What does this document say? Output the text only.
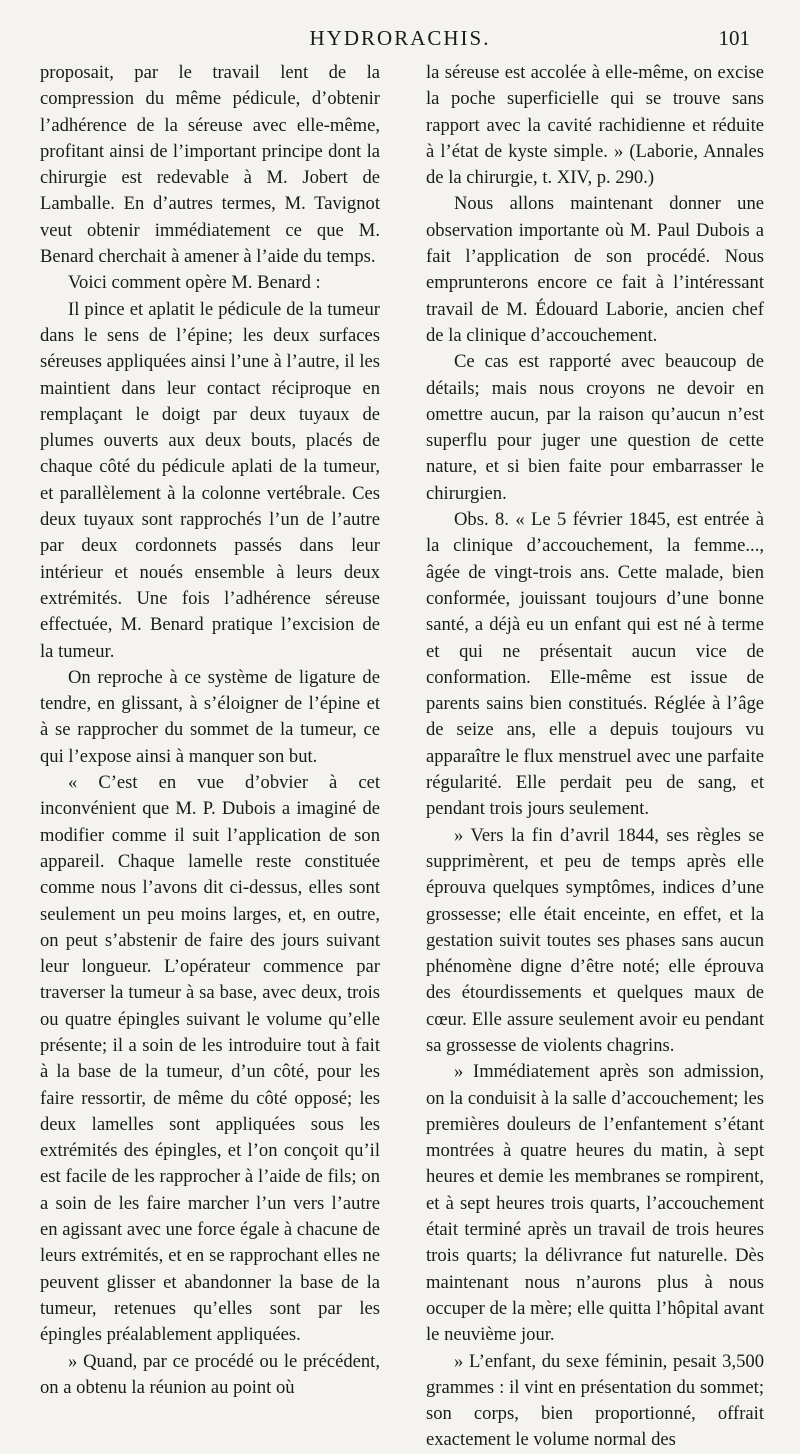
HYDRORACHIS.	101

proposait, par le travail lent de la compression du même pédicule, d’obtenir l’adhérence de la séreuse avec elle-même, profitant ainsi de l’important principe dont la chirurgie est redevable à M. Jobert de Lamballe. En d’autres termes, M. Tavignot veut obtenir immédiatement ce que M. Benard cherchait à amener à l’aide du temps.

Voici comment opère M. Benard :

Il pince et aplatit le pédicule de la tumeur dans le sens de l’épine; les deux surfaces séreuses appliquées ainsi l’une à l’autre, il les maintient dans leur contact réciproque en remplaçant le doigt par deux tuyaux de plumes ouverts aux deux bouts, placés de chaque côté du pédicule aplati de la tumeur, et parallèlement à la colonne vertébrale. Ces deux tuyaux sont rapprochés l’un de l’autre par deux cordonnets passés dans leur intérieur et noués ensemble à leurs deux extrémités. Une fois l’adhérence séreuse effectuée, M. Benard pratique l’excision de la tumeur.

On reproche à ce système de ligature de tendre, en glissant, à s’éloigner de l’épine et à se rapprocher du sommet de la tumeur, ce qui l’expose ainsi à manquer son but.

« C’est en vue d’obvier à cet inconvénient que M. P. Dubois a imaginé de modifier comme il suit l’application de son appareil. Chaque lamelle reste constituée comme nous l’avons dit ci-dessus, elles sont seulement un peu moins larges, et, en outre, on peut s’abstenir de faire des jours suivant leur longueur. L’opérateur commence par traverser la tumeur à sa base, avec deux, trois ou quatre épingles suivant le volume qu’elle présente; il a soin de les introduire tout à fait à la base de la tumeur, d’un côté, pour les faire ressortir, de même du côté opposé; les deux lamelles sont appliquées sous les extrémités des épingles, et l’on conçoit qu’il est facile de les rapprocher à l’aide de fils; on a soin de les faire marcher l’un vers l’autre en agissant avec une force égale à chacune de leurs extrémités, et en se rapprochant elles ne peuvent glisser et abandonner la base de la tumeur, retenues qu’elles sont par les épingles préalablement appliquées.

» Quand, par ce procédé ou le précédent, on a obtenu la réunion au point où

la séreuse est accolée à elle-même, on excise la poche superficielle qui se trouve sans rapport avec la cavité rachidienne et réduite à l’état de kyste simple. » (Laborie, Annales de la chirurgie, t. XIV, p. 290.)

Nous allons maintenant donner une observation importante où M. Paul Dubois a fait l’application de son procédé. Nous emprunterons encore ce fait à l’intéressant travail de M. Édouard Laborie, ancien chef de la clinique d’accouchement.

Ce cas est rapporté avec beaucoup de détails; mais nous croyons ne devoir en omettre aucun, par la raison qu’aucun n’est superflu pour juger une question de cette nature, et si bien faite pour embarrasser le chirurgien.

Obs. 8. « Le 5 février 1845, est entrée à la clinique d’accouchement, la femme..., âgée de vingt-trois ans. Cette malade, bien conformée, jouissant toujours d’une bonne santé, a déjà eu un enfant qui est né à terme et qui ne présentait aucun vice de conformation. Elle-même est issue de parents sains bien constitués. Réglée à l’âge de seize ans, elle a depuis toujours vu apparaître le flux menstruel avec une parfaite régularité. Elle perdait peu de sang, et pendant trois jours seulement.

» Vers la fin d’avril 1844, ses règles se supprimèrent, et peu de temps après elle éprouva quelques symptômes, indices d’une grossesse; elle était enceinte, en effet, et la gestation suivit toutes ses phases sans aucun phénomène digne d’être noté; elle éprouva des étourdissements et quelques maux de cœur. Elle assure seulement avoir eu pendant sa grossesse de violents chagrins.

» Immédiatement après son admission, on la conduisit à la salle d’accouchement; les premières douleurs de l’enfantement s’étant montrées à quatre heures du matin, à sept heures et demie les membranes se rompirent, et à sept heures trois quarts, l’accouchement était terminé après un travail de trois heures trois quarts; la délivrance fut naturelle. Dès maintenant nous n’aurons plus à nous occuper de la mère; elle quitta l’hôpital avant le neuvième jour.

» L’enfant, du sexe féminin, pesait 3,500 grammes : il vint en présentation du sommet; son corps, bien proportionné, offrait exactement le volume normal des
